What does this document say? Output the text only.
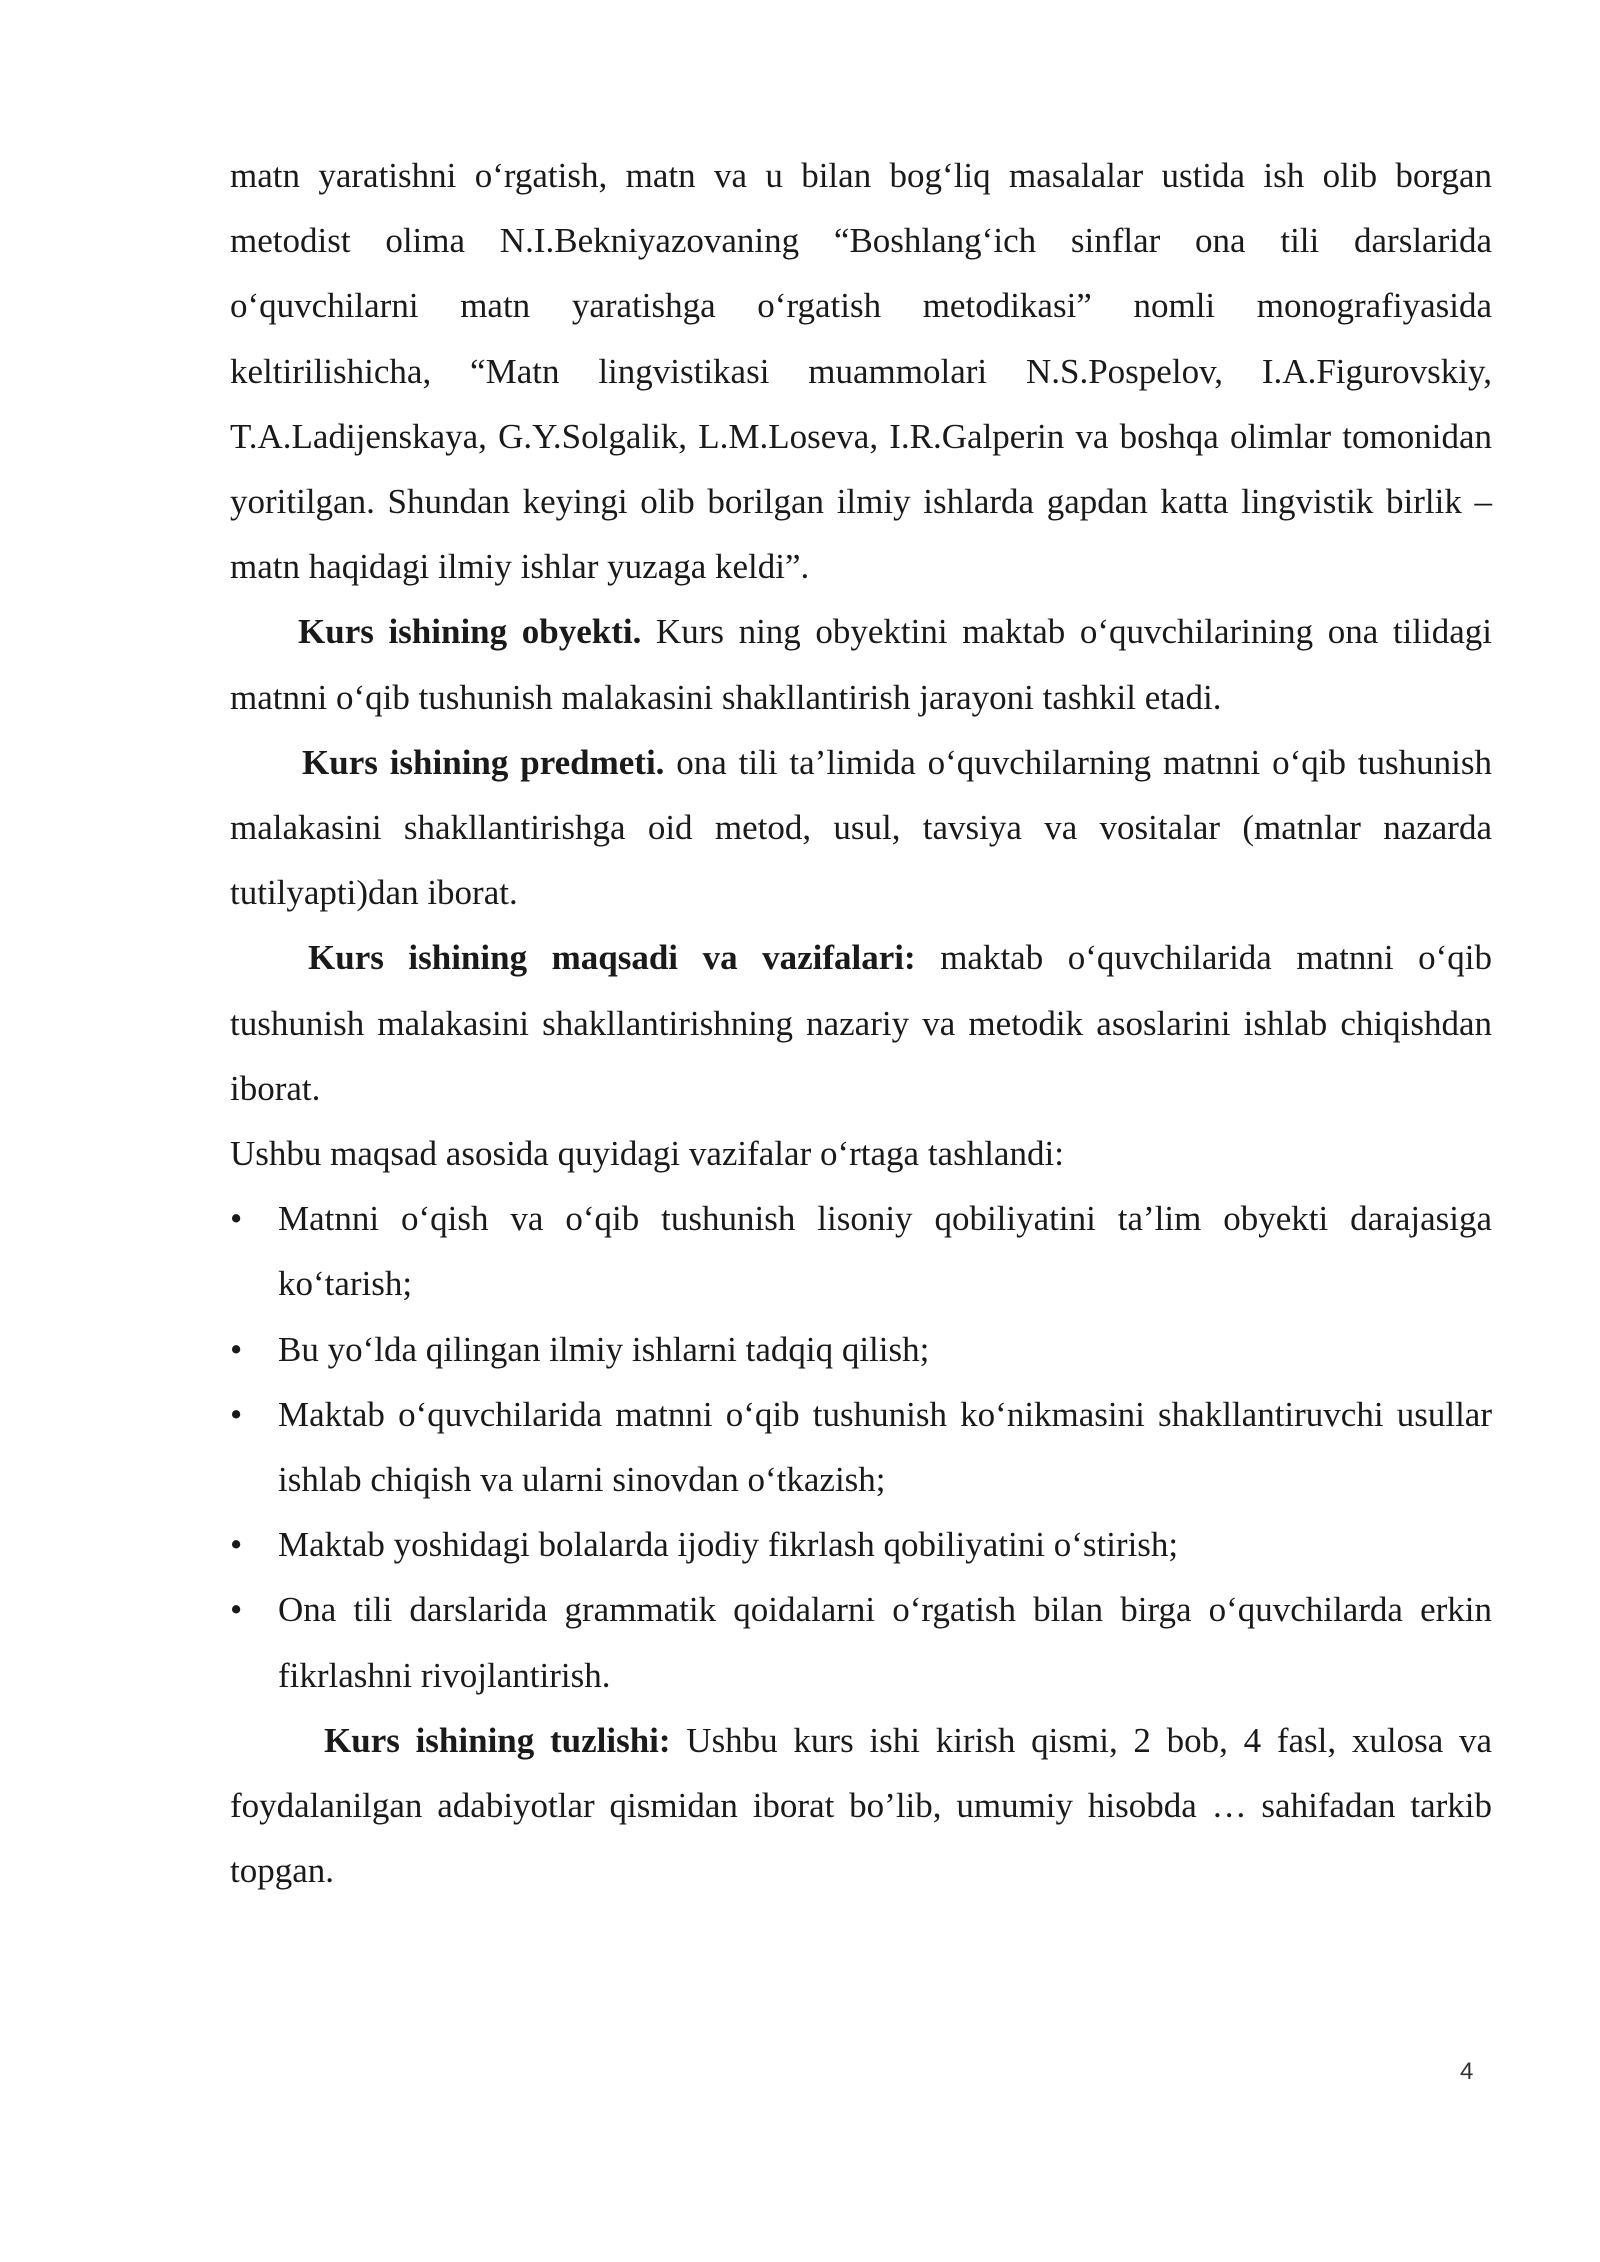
matn yaratishni o‘rgatish, matn va u bilan bog‘liq masalalar ustida ish olib borgan metodist olima N.I.Bekniyazovaning “Boshlang‘ich sinflar ona tili darslarida o‘quvchilarni matn yaratishga o‘rgatish metodikasi” nomli monografiyasida keltirilishicha, “Matn lingvistikasi muammolari N.S.Pospelov, I.A.Figurovskiy, T.A.Ladijenskaya, G.Y.Solgalik, L.M.Loseva, I.R.Galperin va boshqa olimlar tomonidan yoritilgan. Shundan keyingi olib borilgan ilmiy ishlarda gapdan katta lingvistik birlik – matn haqidagi ilmiy ishlar yuzaga keldi”.

Kurs ishining obyekti. Kurs ning obyektini maktab o‘quvchilarining ona tilidagi matnni o‘qib tushunish malakasini shakllantirish jarayoni tashkil etadi.

Kurs ishining predmeti. ona tili ta’limida o‘quvchilarning matnni o‘qib tushunish malakasini shakllantirishga oid metod, usul, tavsiya va vositalar (matnlar nazarda tutilyapti)dan iborat.

Kurs ishining maqsadi va vazifalari: maktab o‘quvchilarida matnni o‘qib tushunish malakasini shakllantirishning nazariy va metodik asoslarini ishlab chiqishdan iborat.

Ushbu maqsad asosida quyidagi vazifalar o‘rtaga tashlandi:

•	Matnni o‘qish va o‘qib tushunish lisoniy qobiliyatini ta’lim obyekti darajasiga ko‘tarish;
•	Bu yo‘lda qilingan ilmiy ishlarni tadqiq qilish;
•	Maktab o‘quvchilarida matnni o‘qib tushunish ko‘nikmasini shakllantiruvchi usullar ishlab chiqish va ularni sinovdan o‘tkazish;
•	Maktab yoshidagi bolalarda ijodiy fikrlash qobiliyatini o‘stirish;
•	Ona tili darslarida grammatik qoidalarni o‘rgatish bilan birga o‘quvchilarda erkin fikrlashni rivojlantirish.

Kurs ishining tuzlishi: Ushbu kurs ishi kirish qismi, 2 bob, 4 fasl, xulosa va foydalanilgan adabiyotlar qismidan iborat bo’lib, umumiy hisobda … sahifadan tarkib topgan.

4
